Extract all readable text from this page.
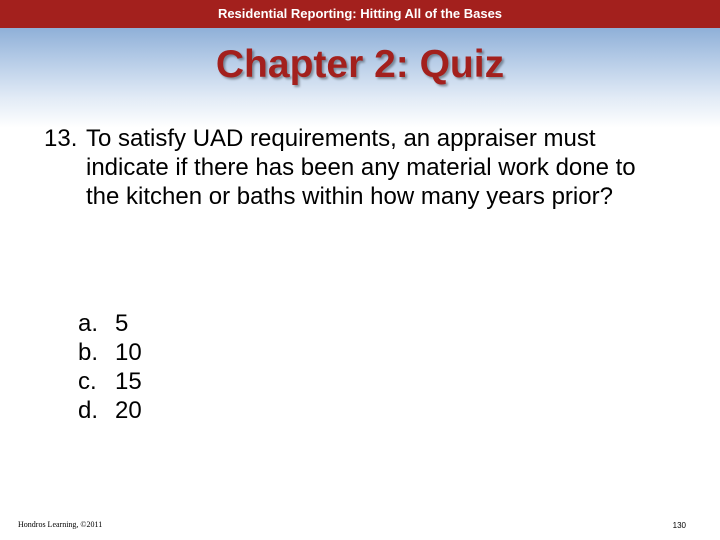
Residential Reporting: Hitting All of the Bases
Chapter 2: Quiz
13. To satisfy UAD requirements, an appraiser must indicate if there has been any material work done to the kitchen or baths within how many years prior?
a. 5
b. 10
c. 15
d. 20
Hondros Learning, ©2011	130
